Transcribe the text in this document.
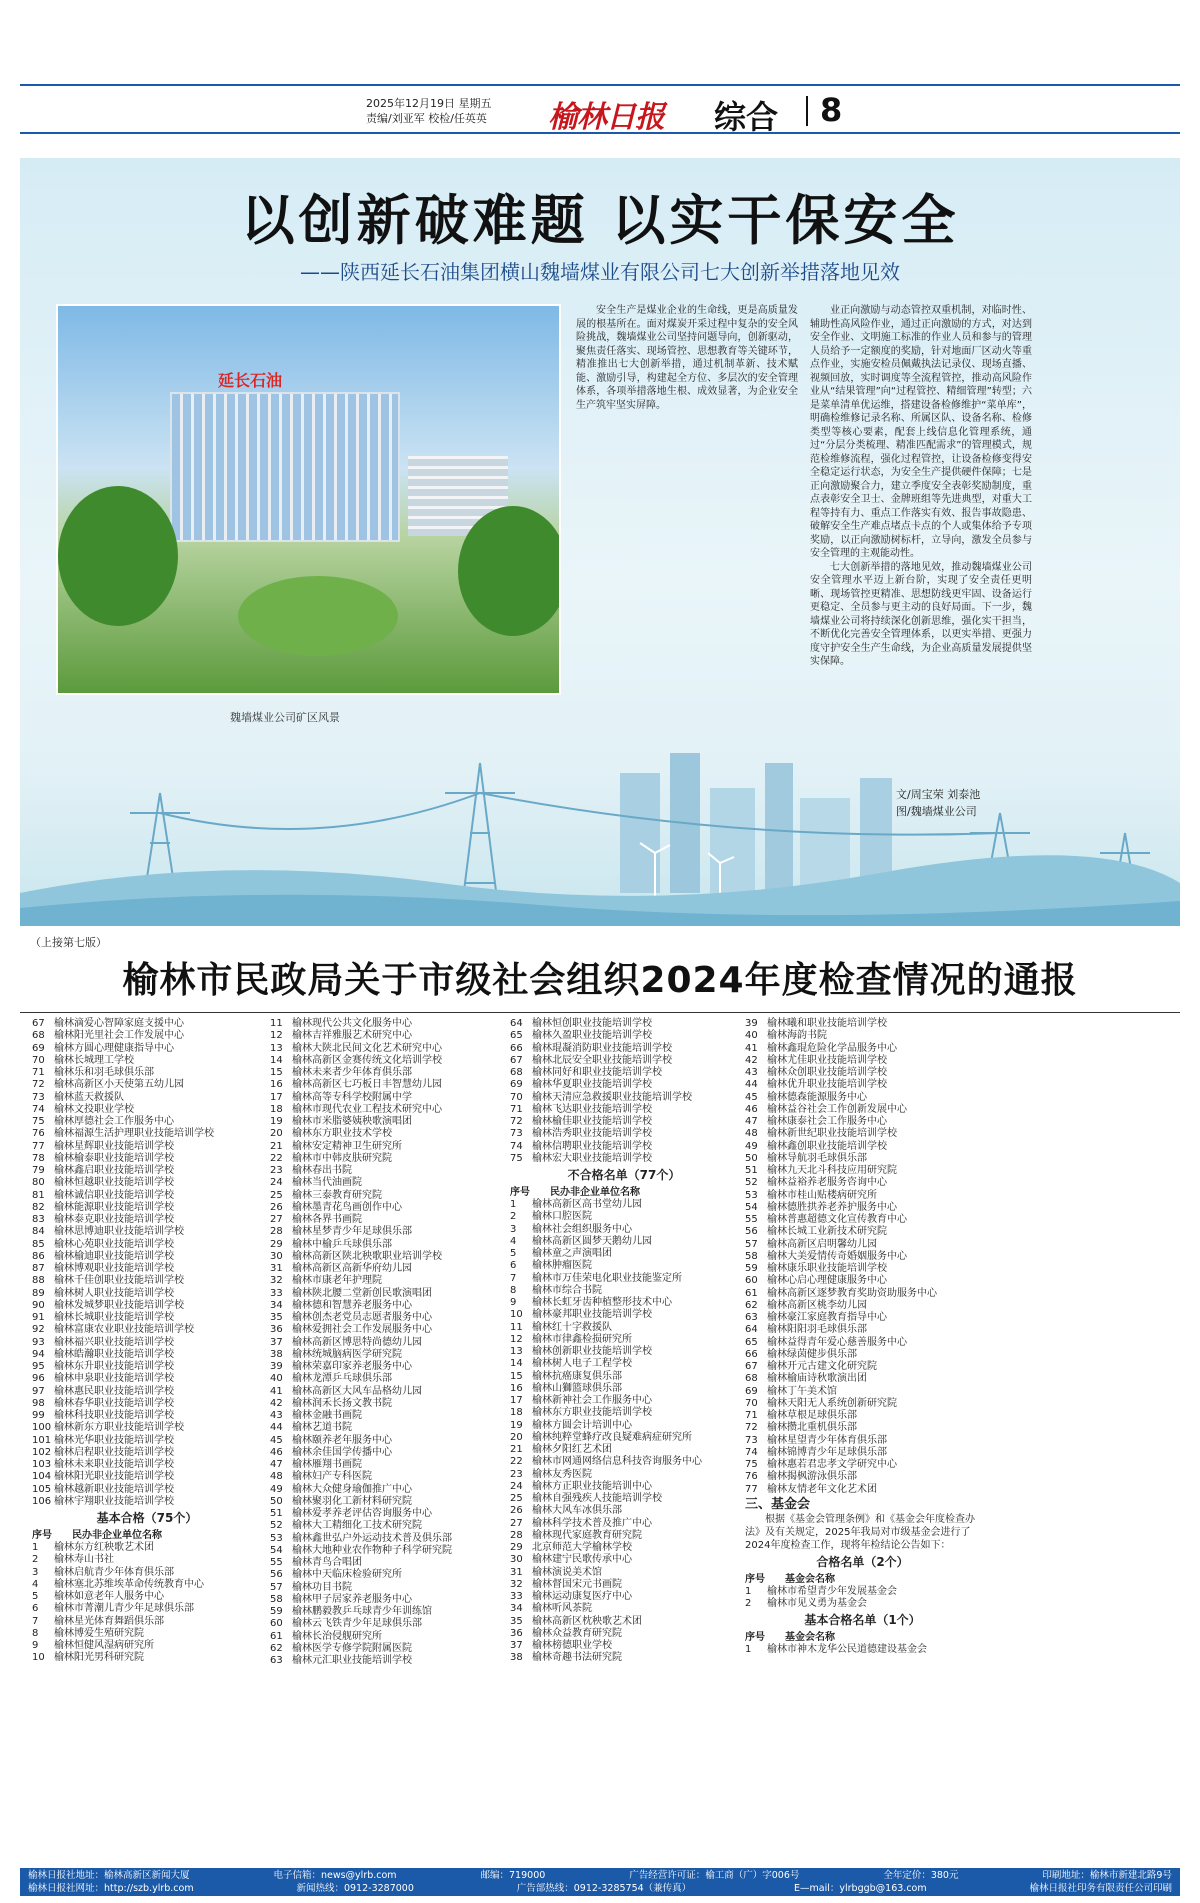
2025年12月19日 星期五
责编/刘亚军 校检/任英英 榆林日报 综合 8
以创新破难题 以实干保安全
——陕西延长石油集团横山魏墙煤业有限公司七大创新举措落地见效
延长石油
魏墙煤业公司矿区风景

安全生产是煤业企业的生命线，更是高质量发展的根基所在。面对煤炭开采过程中复杂的安全风险挑战，魏墙煤业公司坚持问题导向，创新驱动，聚焦责任落实、现场管控、思想教育等关键环节，精准推出七大创新举措，通过机制革新、技术赋能、激励引导，构建起全方位、多层次的安全管理体系，各项举措落地生根、成效显著，为企业安全生产筑牢坚实屏障。

业正向激励与动态管控双重机制，对临时性、辅助性高风险作业，通过正向激励的方式，对达到安全作业、文明施工标准的作业人员和参与的管理人员给予一定额度的奖励，针对地面厂区动火等重点作业，实施安检员佩戴执法记录仪、现场直播、视频回放，实时调度等全流程管控，推动高风险作业从“结果管理”向“过程管控、精细管理”转型；六是菜单清单优运维，搭建设备检修维护“菜单库”，明确检维修记录名称、所属区队、设备名称、检修类型等核心要素，配套上线信息化管理系统，通过“分层分类梳理、精准匹配需求”的管理模式，规范检维修流程，强化过程管控，让设备检修变得安全稳定运行状态，为安全生产提供硬件保障；七是正向激励聚合力，建立季度安全表彰奖励制度，重点表彰安全卫士、金牌班组等先进典型，对重大工程等持有力、重点工作落实有效、报告事故隐患、破解安全生产难点堵点卡点的个人或集体给予专项奖励，以正向激励树标杆，立导向，激发全员参与安全管理的主观能动性。

七大创新举措的落地见效，推动魏墙煤业公司安全管理水平迈上新台阶，实现了安全责任更明晰、现场管控更精准、思想防线更牢固、设备运行更稳定、全员参与更主动的良好局面。下一步，魏墙煤业公司将持续深化创新思维，强化实干担当，不断优化完善安全管理体系，以更实举措、更强力度守护安全生产生命线，为企业高质量发展提供坚实保障。

文/周宝荣 刘泰池
图/魏墙煤业公司
（上接第七版）
榆林市民政局关于市级社会组织2024年度检查情况的通报
67 榆林滴爱心智障家庭支援中心
68 榆林阳光里社会工作发展中心
69 榆林方圆心理健康指导中心
70 榆林长城理工学校
71 榆林乐和羽毛球俱乐部
72 榆林高新区小天使第五幼儿园
73 榆林蓝天救援队
74 榆林文投职业学校
75 榆林厚德社会工作服务中心
76 榆林福源生活护理职业技能培训学校
77 榆林星辉职业技能培训学校
78 榆林榆泰职业技能培训学校
79 榆林鑫启职业技能培训学校
80 榆林恒越职业技能培训学校
81 榆林诚信职业技能培训学校
82 榆林能源职业技能培训学校
83 榆林泰克职业技能培训学校
84 榆林思博迪职业技能培训学校
85 榆林心苑职业技能培训学校
86 榆林榆迪职业技能培训学校
87 榆林博观职业技能培训学校
88 榆林千佳创职业技能培训学校
89 榆林树人职业技能培训学校
90 榆林发城梦职业技能培训学校
91 榆林长城职业技能培训学校
92 榆林富康农业职业技能培训学校
93 榆林福兴职业技能培训学校
94 榆林皓瀚职业技能培训学校
95 榆林东升职业技能培训学校
96 榆林申泉职业技能培训学校
97 榆林惠民职业技能培训学校
98 榆林春华职业技能培训学校
99 榆林科技职业技能培训学校
100 榆林新东方职业技能培训学校
101 榆林光华职业技能培训学校
102 榆林启程职业技能培训学校
103 榆林未来职业技能培训学校
104 榆林阳光职业技能培训学校
105 榆林越新职业技能培训学校
106 榆林宇翔职业技能培训学校
基本合格（75个）
序号 民办非企业单位名称
1 榆林东方红秧歌艺术团
2 榆林寿山书社
3 榆林启航青少年体育俱乐部
4 榆林塞北苏维埃革命传统教育中心
5 榆林如意老年人服务中心
6 榆林市菁潮儿青少年足球俱乐部
7 榆林星光体育舞蹈俱乐部
8 榆林博爱生殖研究院
9 榆林恒健风湿病研究所
10 榆林阳光男科研究院
11 榆林现代公共文化服务中心
12 榆林吉祥雅服艺术研究中心
13 榆林大陕北民间文化艺术研究中心
14 榆林高新区金赛传统文化培训学校
15 榆林未来者少年体育俱乐部
16 榆林高新区七巧板日丰智慧幼儿园
17 榆林高等专科学校附属中学
18 榆林市现代农业工程技术研究中心
19 榆林市米脂婆姨秧歌演唱团
20 榆林东方职业技术学校
21 榆林安定精神卫生研究所
22 榆林市中韩皮肤研究院
23 榆林春出书院
24 榆林当代油画院
25 榆林三泰教育研究院
26 榆林墨青花鸟画创作中心
27 榆林各界书画院
28 榆林星梦青少年足球俱乐部
29 榆林中榆乒乓球俱乐部
30 榆林高新区陕北秧歌职业培训学校
31 榆林高新区高新华府幼儿园
32 榆林市康老年护理院
33 榆林陕北腰二堂新创民歌演唱团
34 榆林德和智慧养老服务中心
35 榆林创杰老党员志愿者服务中心
36 榆林爱拥社会工作发展服务中心
37 榆林高新区博思特尚德幼儿园
38 榆林统城脑病医学研究院
39 榆林荣嘉印家养老服务中心
40 榆林龙潭乒乓球俱乐部
41 榆林高新区大风车品格幼儿园
42 榆林润禾长扬文教书院
43 榆林金融书画院
44 榆林艺道书院
45 榆林颐养老年服务中心
46 榆林余佳国学传播中心
47 榆林雁翔书画院
48 榆林妇产专科医院
49 榆林大众健身瑜伽推广中心
50 榆林聚羽化工新材料研究院
51 榆林爱孝养老评估咨询服务中心
52 榆林大工精细化工技术研究院
53 榆林鑫世弘户外运动技术普及俱乐部
54 榆林大地种业农作物种子科学研究院
55 榆林青鸟合唱团
56 榆林中天临床检验研究所
57 榆林功目书院
58 榆林甲子居家养老服务中心
59 榆林鹏毅教乒乓球青少年训练馆
60 榆林云飞铁青少年足球俱乐部
61 榆林长治侵舰研究所
62 榆林医学专修学院附属医院
63 榆林元汇职业技能培训学校
64 榆林恒创职业技能培训学校
65 榆林久盈职业技能培训学校
66 榆林琨凝消防职业技能培训学校
67 榆林北辰安全职业技能培训学校
68 榆林同好和职业技能培训学校
69 榆林华夏职业技能培训学校
70 榆林天清应急救援职业技能培训学校
71 榆林飞达职业技能培训学校
72 榆林榆佳职业技能培训学校
73 榆林浩秀职业技能培训学校
74 榆林信聘职业技能培训学校
75 榆林宏大职业技能培训学校
不合格名单（77个）
序号 民办非企业单位名称
1 榆林高新区高书堂幼儿园
2 榆林口腔医院
3 榆林社会组织服务中心
4 榆林高新区圆梦天鹅幼儿园
5 榆林童之声演唱团
6 榆林肿瘤医院
7 榆林市万佳荣电化职业技能鉴定所
8 榆林市综合书院
9 榆林长虹牙齿种植整形技术中心
10 榆林豪邦职业技能培训学校
11 榆林红十字救援队
12 榆林市律鑫检损研究所
13 榆林创新职业技能培训学校
14 榆林树人电子工程学校
15 榆林抗癌康复俱乐部
16 榆林山獅篮球俱乐部
17 榆林新神社会工作服务中心
18 榆林东方职业技能培训学校
19 榆林方圆会计培训中心
20 榆林纯粹堂蜂疗改良疑难病症研究所
21 榆林夕阳红艺术团
22 榆林市网通网络信息科技咨询服务中心
23 榆林友秀医院
24 榆林方正职业技能培训中心
25 榆林自强残疾人技能培训学校
26 榆林大风车冰俱乐部
27 榆林科学技术普及推广中心
28 榆林现代家庭教育研究院
29 北京师范大学榆林学校
30 榆林建宁民歌传承中心
31 榆林演说美术馆
32 榆林督国宋元书画院
33 榆林运动康复医疗中心
34 榆林听风茶院
35 榆林高新区枕秧歌艺术团
36 榆林众益教育研究院
37 榆林榜德职业学校
38 榆林奇趣书法研究院
39 榆林曦和职业技能培训学校
40 榆林海韵书院
41 榆林鑫琨危险化学品服务中心
42 榆林尤佳职业技能培训学校
43 榆林众创职业技能培训学校
44 榆林优升职业技能培训学校
45 榆林德森能源服务中心
46 榆林益谷社会工作创新发展中心
47 榆林康泰社会工作服务中心
48 榆林新世纪职业技能培训学校
49 榆林鑫创职业技能培训学校
50 榆林导航羽毛球俱乐部
51 榆林九天北斗科技应用研究院
52 榆林益裕养老服务咨询中心
53 榆林市桂山贴楼病研究所
54 榆林德胜拱养老养护服务中心
55 榆林普惠超德文化宣传教育中心
56 榆林长城工业新技术研究院
57 榆林高新区启明馨幼儿园
58 榆林大美爱情传奇婚姻服务中心
59 榆林康乐职业技能培训学校
60 榆林心启心理健康服务中心
61 榆林高新区逐梦教育奖助资助服务中心
62 榆林高新区桃李幼儿园
63 榆林豪江家庭教育指导中心
64 榆林阳阳羽毛球俱乐部
65 榆林益得青年爱心慈善服务中心
66 榆林绿茵健步俱乐部
67 榆林开元古建文化研究院
68 榆林榆庙诗秋歌演出团
69 榆林丁午美术馆
70 榆林天阳无人系统创新研究院
71 榆林草根足球俱乐部
72 榆林攒北重机俱乐部
73 榆林星望青少年体育俱乐部
74 榆林锦博青少年足球俱乐部
75 榆林惠若君忠孝文学研究中心
76 榆林揭枫游泳俱乐部
77 榆林友情老年文化艺术团
三、基金会
根据《基金会管理条例》和《基金会年度检查办法》及有关规定，2025年我局对市级基金会进行了2024年度检查工作，现将年检结论公告如下：
合格名单（2个）
序号 基金会名称
1 榆林市希望青少年发展基金会
2 榆林市见义勇为基金会
基本合格名单（1个）
序号 基金会名称
1 榆林市神木龙华公民道德建设基金会
榆林日报社地址：榆林高新区新闻大厦	电子信箱：news@ylrb.com	邮编：719000	广告经营许可证：榆工商（广）字006号	全年定价：380元	印刷地址：榆林市新建北路9号
榆林日报社网址：http://szb.ylrb.com	新闻热线：0912-3287000	广告部热线：0912-3285754（兼传真）	E—mail：ylrbggb@163.com	榆林日报社印务有限责任公司印刷
